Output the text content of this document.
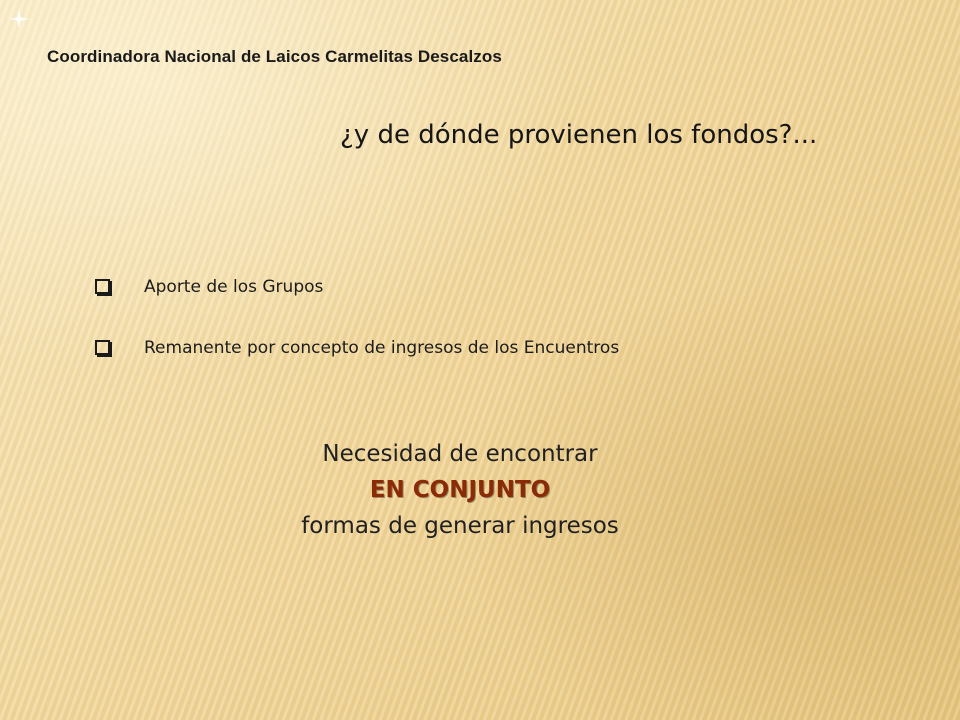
Coordinadora Nacional de Laicos Carmelitas Descalzos
¿y de dónde provienen los fondos?...
Aporte de los Grupos
Remanente por concepto de ingresos de los Encuentros
Necesidad de encontrar
EN CONJUNTO
formas de generar ingresos
